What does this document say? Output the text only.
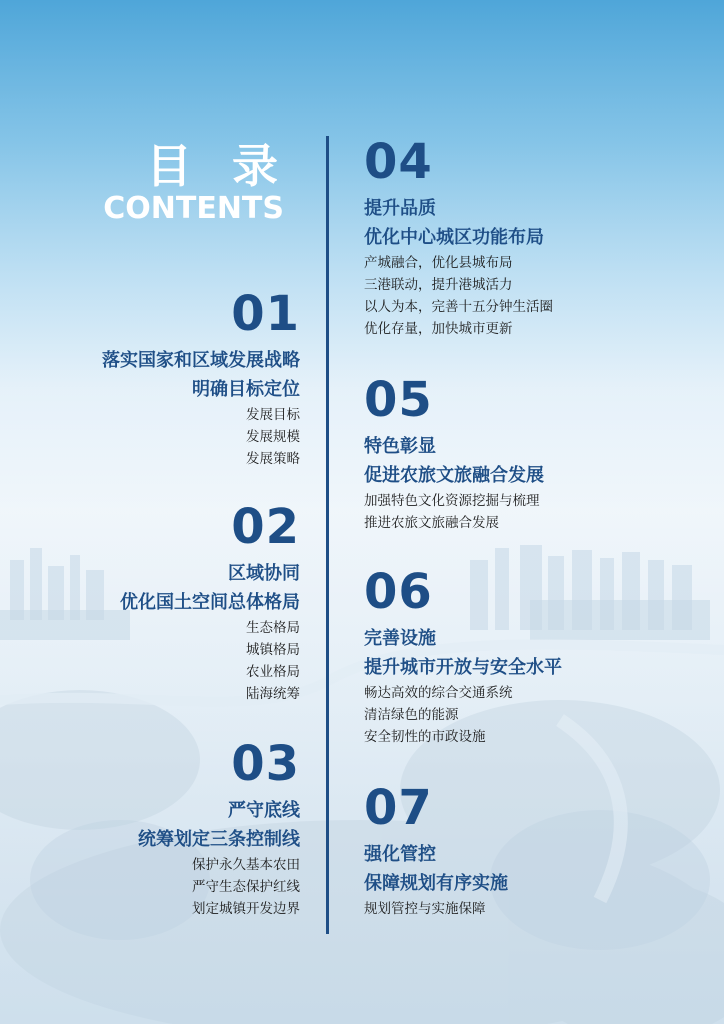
目 录
CONTENTS
01
落实国家和区域发展战略
明确目标定位
发展目标
发展规模
发展策略
02
区域协同
优化国土空间总体格局
生态格局
城镇格局
农业格局
陆海统筹
03
严守底线
统筹划定三条控制线
保护永久基本农田
严守生态保护红线
划定城镇开发边界
04
提升品质
优化中心城区功能布局
产城融合，优化县城布局
三港联动，提升港城活力
以人为本，完善十五分钟生活圈
优化存量，加快城市更新
05
特色彰显
促进农旅文旅融合发展
加强特色文化资源挖掘与梳理
推进农旅文旅融合发展
06
完善设施
提升城市开放与安全水平
畅达高效的综合交通系统
清洁绿色的能源
安全韧性的市政设施
07
强化管控
保障规划有序实施
规划管控与实施保障
